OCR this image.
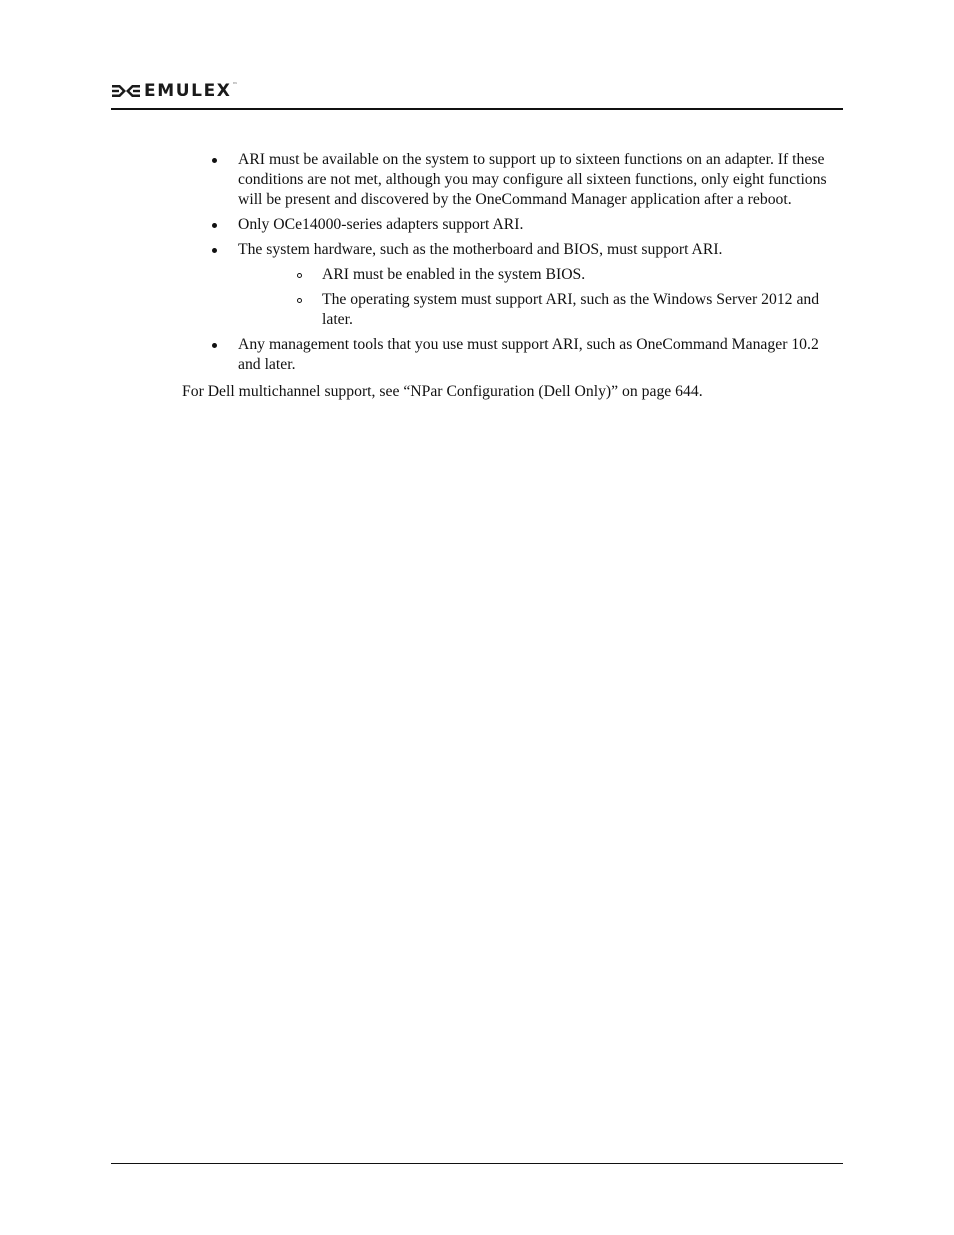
EMULEX ™
ARI must be available on the system to support up to sixteen functions on an adapter. If these conditions are not met, although you may configure all sixteen functions, only eight functions will be present and discovered by the OneCommand Manager application after a reboot.
Only OCe14000-series adapters support ARI.
The system hardware, such as the motherboard and BIOS, must support ARI.
ARI must be enabled in the system BIOS.
The operating system must support ARI, such as the Windows Server 2012 and later.
Any management tools that you use must support ARI, such as OneCommand Manager 10.2 and later.

For Dell multichannel support, see “NPar Configuration (Dell Only)” on page 644.
